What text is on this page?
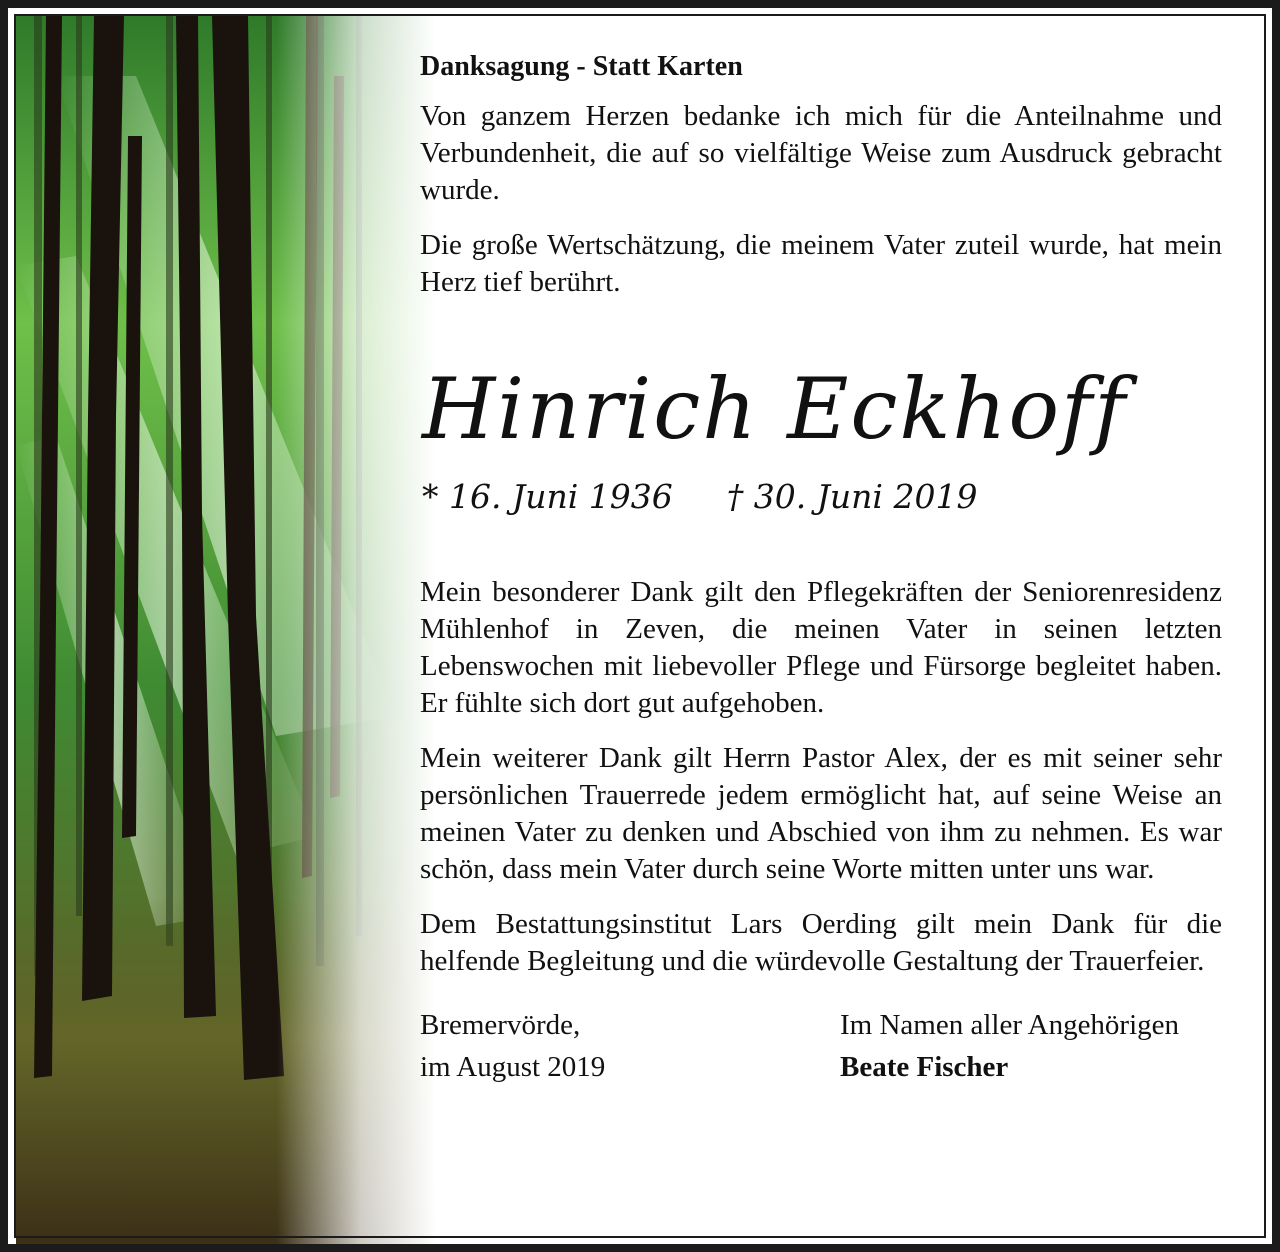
Danksagung - Statt Karten

Von ganzem Herzen bedanke ich mich für die Anteilnahme und Verbundenheit, die auf so vielfältige Weise zum Ausdruck gebracht wurde.

Die große Wertschätzung, die meinem Vater zuteil wurde, hat mein Herz tief berührt.

Hinrich Eckhoff
* 16. Juni 1936 † 30. Juni 2019

Mein besonderer Dank gilt den Pflegekräften der Seniorenresidenz Mühlenhof in Zeven, die meinen Vater in seinen letzten Lebenswochen mit liebevoller Pflege und Fürsorge begleitet haben. Er fühlte sich dort gut aufgehoben.

Mein weiterer Dank gilt Herrn Pastor Alex, der es mit seiner sehr persönlichen Trauerrede jedem ermöglicht hat, auf seine Weise an meinen Vater zu denken und Abschied von ihm zu nehmen. Es war schön, dass mein Vater durch seine Worte mitten unter uns war.

Dem Bestattungsinstitut Lars Oerding gilt mein Dank für die helfende Begleitung und die würdevolle Gestaltung der Trauerfeier.

Bremervörde,
im August 2019
Im Namen aller Angehörigen
Beate Fischer
